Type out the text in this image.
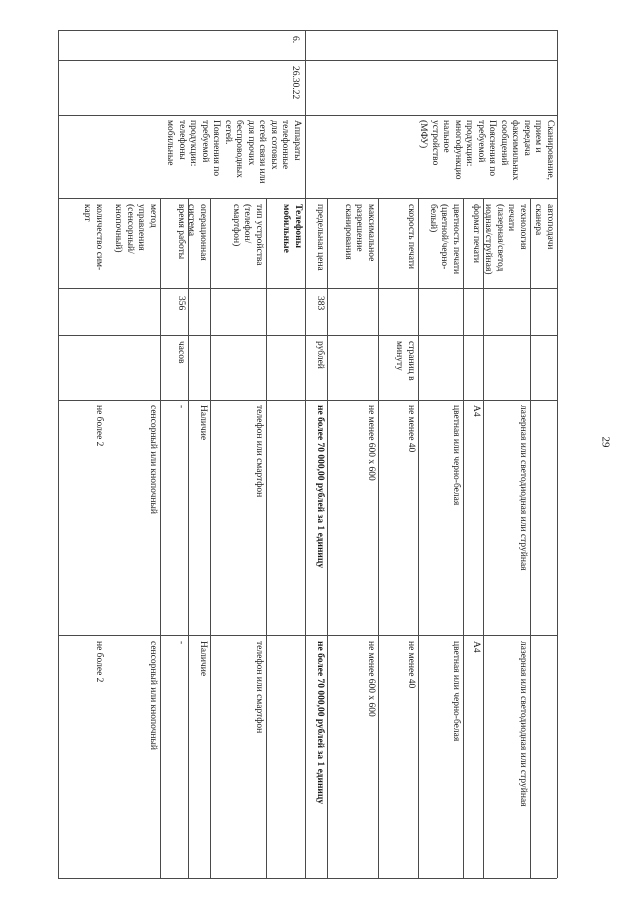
29
6.
26.30.22
Сканирование,
прием и
передача
факсимильных
сообщений
Пояснения по
требуемой
продукции:
многофункцио
нальное
устройство
(МФУ)
Аппараты
телефонные
для сотовых
сетей связи или
для прочих
беспроводных
сетей.
Пояснения по
требуемой
продукции:
телефоны
мобильные
автоподачи
сканера
технология
печати
(лазерная/светод
иодная/струйная)
формат печати
цветность печати
(цветной/черно-
белый)
скорость печати
максимальное
разрешение
сканирования
предельная цена
Телефоны
мобильные
тип устройства
(телефон/
смартфон)
операционная
система
время работы
метод
управления
(сенсорный/
кнопочный)
количество сим-
карт
383
356
страниц в
минуту
рублей
часов
лазерная или светодиодная или струйная
А4
цветная или черно-белая
не менее 40
не менее 600 x 600
не более 70 000,00 рублей за 1 единицу
телефон или смартфон
Наличие
-
сенсорный или кнопочный
не более 2
лазерная или светодиодная или струйная
А4
цветная или черно-белая
не менее 40
не менее 600 x 600
не более 70 000,00 рублей за 1 единицу
телефон или смартфон
Наличие
-
сенсорный или кнопочный
не более 2
